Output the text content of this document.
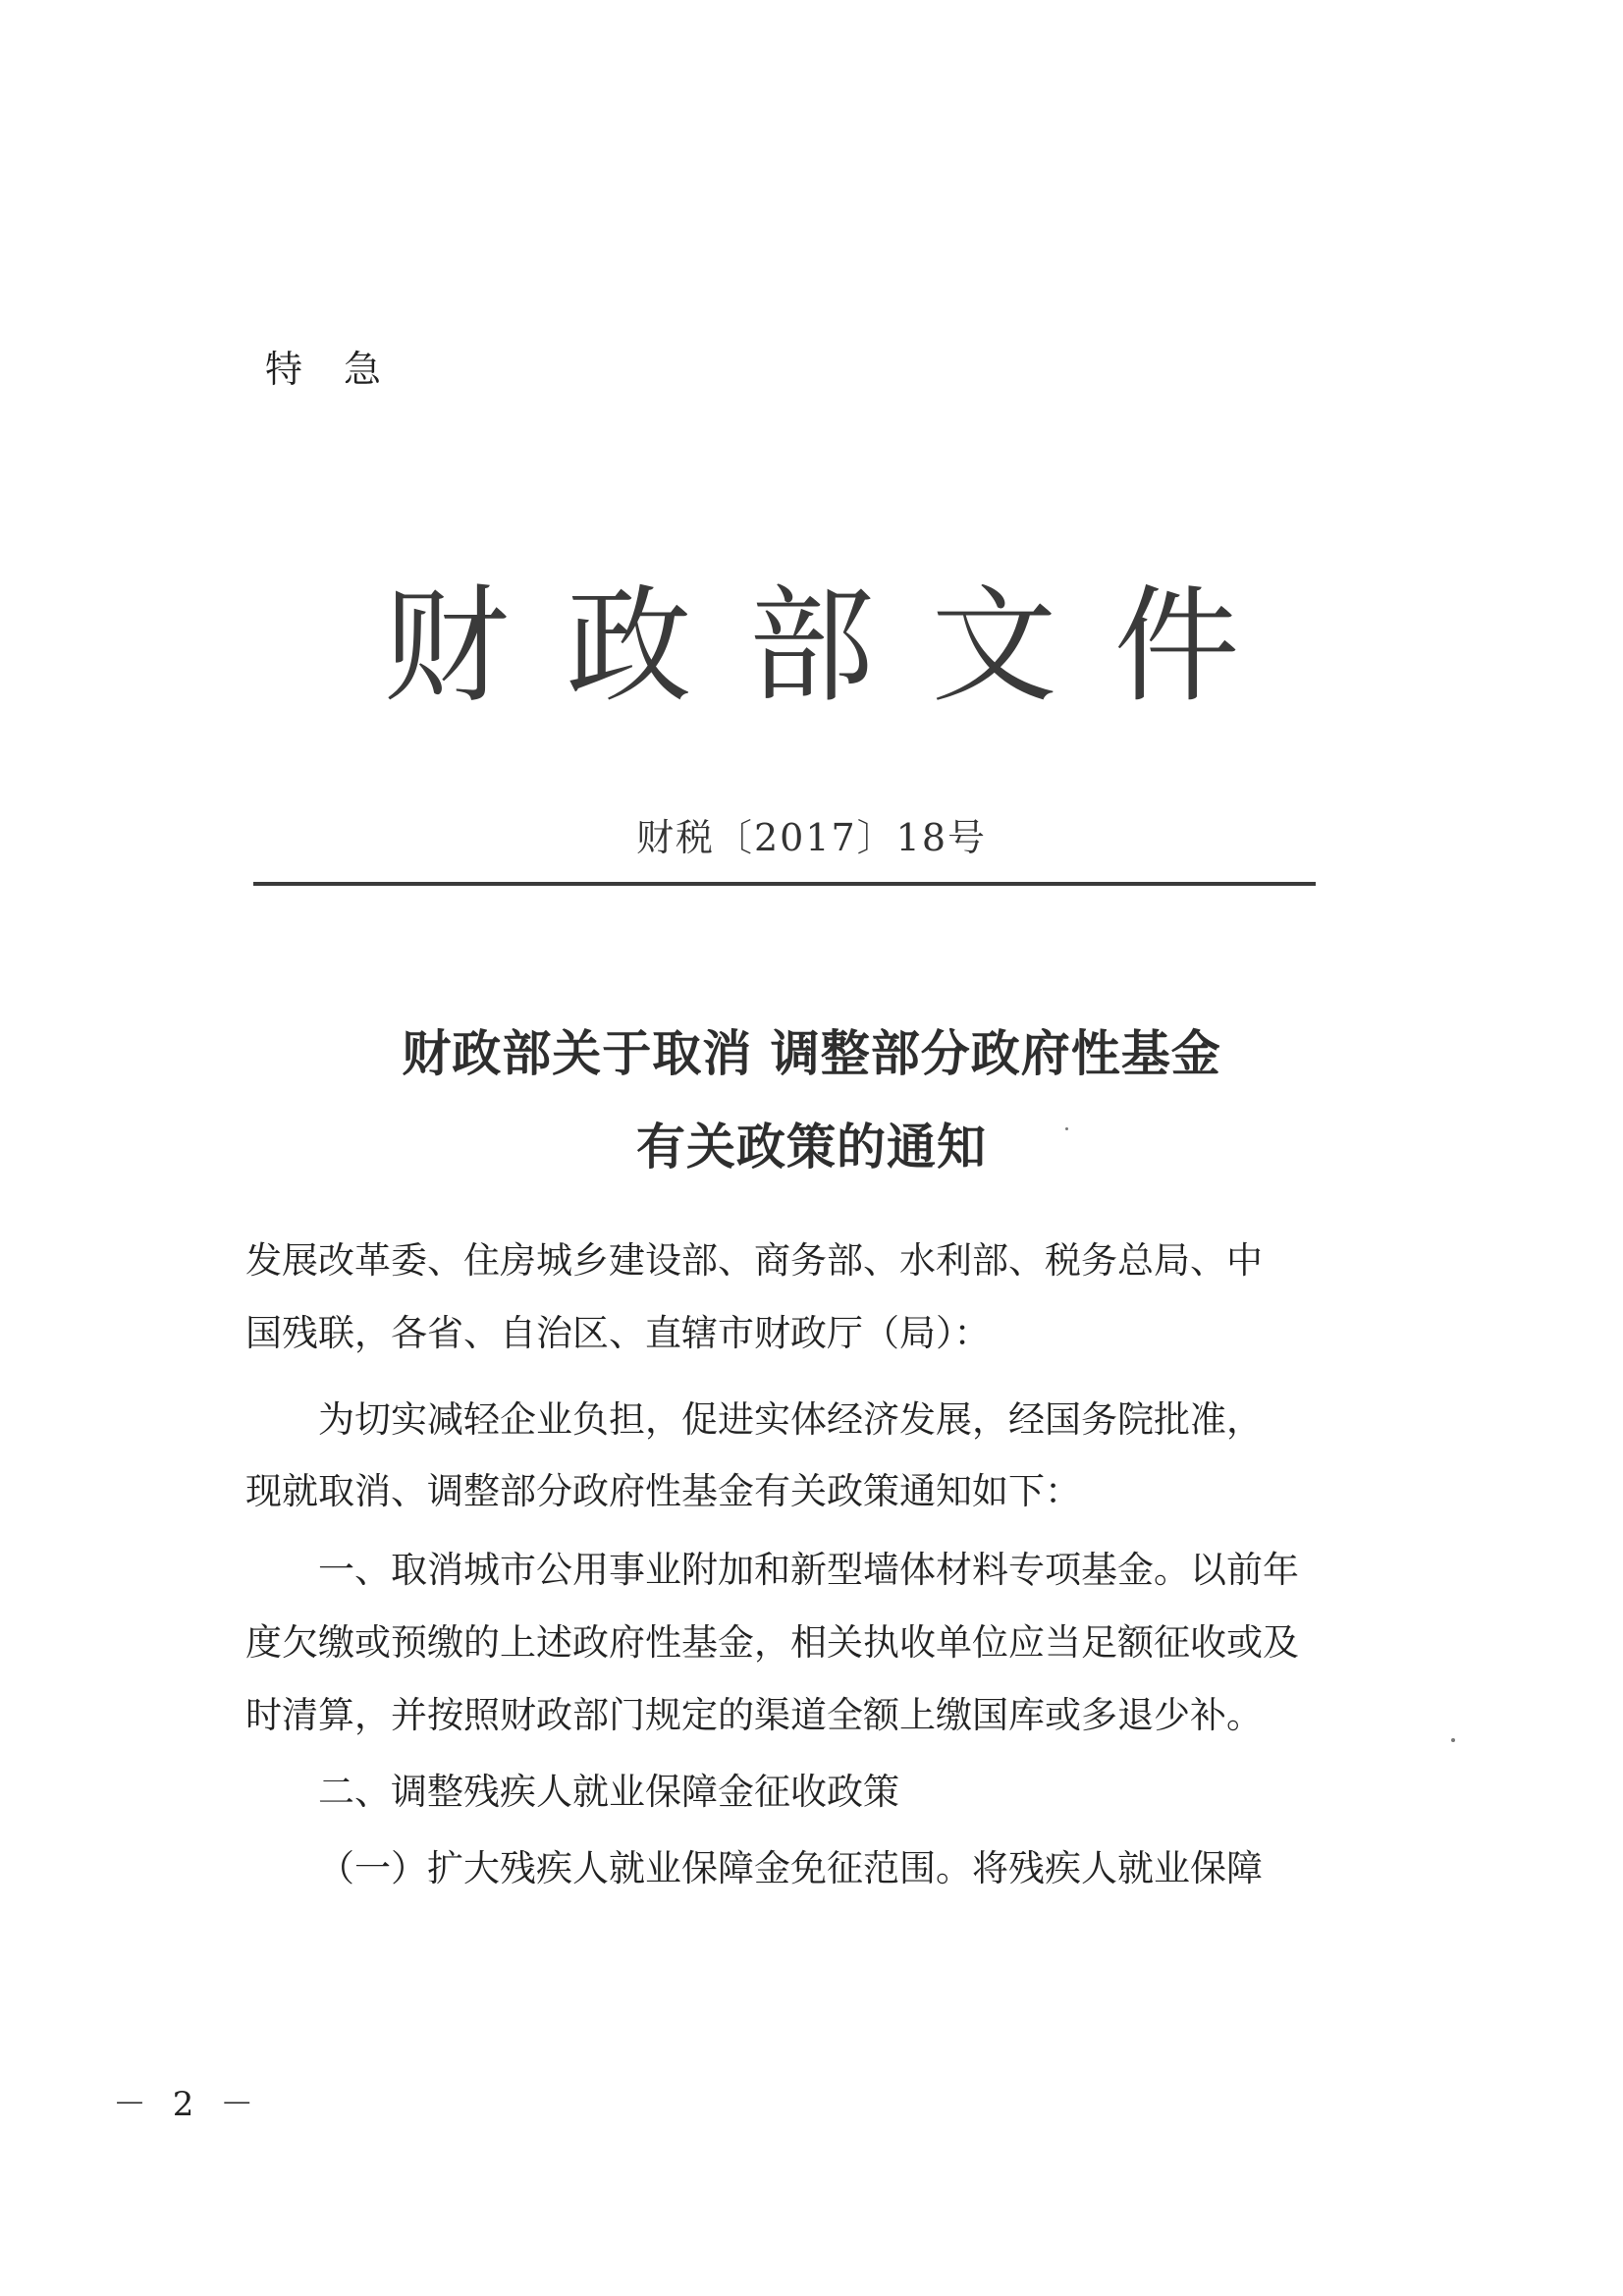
特急
财政部文件
财税〔2017〕18号
财政部关于取消 调整部分政府性基金
有关政策的通知
发展改革委、住房城乡建设部、商务部、水利部、税务总局、中
国残联，各省、自治区、直辖市财政厅（局）：
为切实减轻企业负担，促进实体经济发展，经国务院批准，
现就取消、调整部分政府性基金有关政策通知如下：
一、取消城市公用事业附加和新型墙体材料专项基金。以前年
度欠缴或预缴的上述政府性基金，相关执收单位应当足额征收或及
时清算，并按照财政部门规定的渠道全额上缴国库或多退少补。
二、调整残疾人就业保障金征收政策
（一）扩大残疾人就业保障金免征范围。将残疾人就业保障
－ 2 －
